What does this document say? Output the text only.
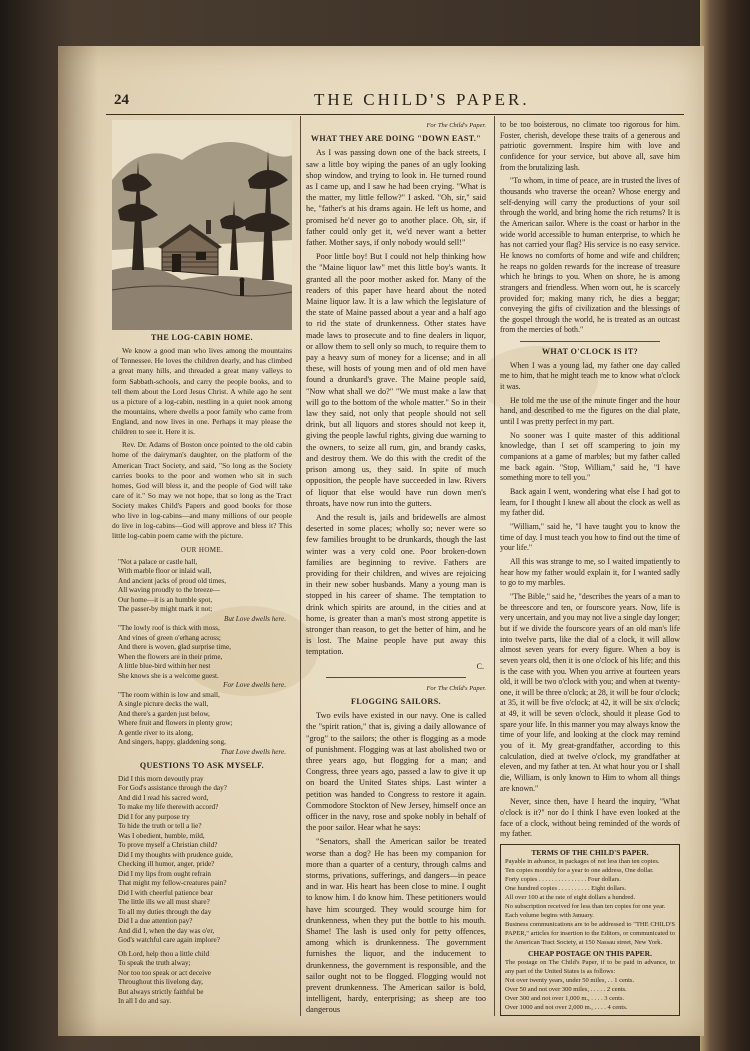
24	THE CHILD'S PAPER.
THE LOG-CABIN HOME.

We know a good man who lives among the mountains of Tennessee. He loves the children dearly, and has climbed a great many hills, and threaded a great many valleys to form Sabbath-schools, and carry the people books, and to tell them about the Lord Jesus Christ. A while ago he sent us a picture of a log-cabin, nestling in a quiet nook among the mountains, where dwells a poor family who came from England, and now lives in one. Perhaps it may please the children to see it. Here it is.

Rev. Dr. Adams of Boston once pointed to the old cabin home of the dairyman's daughter, on the platform of the American Tract Society, and said, "So long as the Society carries books to the poor and women who sit in such homes, God will bless it, and the people of God will take care of it." So may we not hope, that so long as the Tract Society makes Child's Papers and good books for those who live in log-cabins—and many millions of our people do live in log-cabins—God will approve and bless it? This little log-cabin poem came with the picture.

OUR HOME.
"Not a palace or castle hall,
With marble floor or inlaid wall,
And ancient jacks of proud old times,
All waving proudly to the breeze—
Our home—it is an humble spot,
The passer-by might mark it not;
But Love dwells here.
"The lowly roof is thick with moss,
And vines of green o'erhang across;
And there is woven, glad surprise time,
When the flowers are in their prime,
A little blue-bird within her nest
She knows she is a welcome guest.
For Love dwells here.
"The room within is low and small,
A single picture decks the wall,
And there's a garden just below,
Where fruit and flowers in plenty grow;
A gentle river to its along,
And singers, happy, gladdening song,
That Love dwells here.
QUESTIONS TO ASK MYSELF.
Did I this morn devoutly pray
For God's assistance through the day?
And did I read his sacred word,
To make my life therewith accord?
Did I for any purpose try
To hide the truth or tell a lie?
Was I obedient, humble, mild,
To prove myself a Christian child?
Did I my thoughts with prudence guide,
Checking ill humor, anger, pride?
Did I my lips from ought refrain
That might my fellow-creatures pain?
Did I with cheerful patience bear
The little ills we all must share?
To all my duties through the day
Did I a due attention pay?
And did I, when the day was o'er,
God's watchful care again implore?
Oh Lord, help thou a little child
To speak the truth alway;
Nor too too speak or act deceive
Throughout this livelong day,
But always strictly faithful be
In all I do and say.
For The Child's Paper.
WHAT THEY ARE DOING "DOWN EAST."

As I was passing down one of the back streets, I saw a little boy wiping the panes of an ugly looking shop window, and trying to look in. He turned round as I came up, and I saw he had been crying. "What is the matter, my little fellow?" I asked. "Oh, sir," said he, "father's at his drams again. He left us home, and promised he'd never go to another place. Oh, sir, if father could only get it, we'd never want a better father. Mother says, if only nobody would sell!"

Poor little boy! But I could not help thinking how the "Maine liquor law" met this little boy's wants. It granted all the poor mother asked for. Many of the readers of this paper have heard about the noted Maine liquor law. It is a law which the legislature of the state of Maine passed about a year and a half ago to rid the state of drunkenness. Other states have made laws to prosecute and to fine dealers in liquor, or allow them to sell only so much, to require them to pay a heavy sum of money for a license; and in all these, will hosts of young men and of old men have found a drunkard's grave. The Maine people said, "Now what shall we do?" "We must make a law that will go to the bottom of the whole matter." So in their law they said, not only that people should not sell drink, but all liquors and stores should not keep it, giving the people lawful rights, giving due warning to the owners, to seize all rum, gin, and brandy casks, and destroy them. We do this with the credit of the prison among us, they said. In spite of much opposition, the people have succeeded in law. Rivers of liquor that else would have run down men's throats, have now run into the gutters.

And the result is, jails and bridewells are almost deserted in some places; wholly so; never were so few families brought to be drunkards, though the last winter was a very cold one. Poor broken-down families are beginning to revive. Fathers are providing for their children, and wives are rejoicing in their new sober husbands. Many a young man is stopped in his career of shame. The temptation to drink which spirits are around, in the cities and at home, is greater than a man's most strong appetite is stronger than reason, to get the better of him, and he is lost. The Maine people have put away this temptation.

C.
For The Child's Paper.
FLOGGING SAILORS.

Two evils have existed in our navy. One is called the "spirit ration," that is, giving a daily allowance of "grog" to the sailors; the other is flogging as a mode of punishment. Flogging was at last abolished two or three years ago, but flogging for a man; and Congress, three years ago, passed a law to give it up on board the United States ships. Last winter a petition was handed to Congress to restore it again. Commodore Stockton of New Jersey, himself once an officer in the navy, rose and spoke nobly in behalf of the poor sailor. Hear what he says:

"Senators, shall the American sailor be treated worse than a dog? He has been my companion for more than a quarter of a century, through calms and storms, privations, sufferings, and dangers—in peace and in war. His heart has been close to mine. I ought to know him. I do know him. These petitioners would have him scourged. They would scourge him for drunkenness, when they put the bottle to his mouth. Shame! The lash is used only for petty offences, among which is drunkenness. The government furnishes the liquor, and the inducement to drunkenness, the government is responsible, and the sailor ought not to be flogged. Flogging would not prevent drunkenness. The American sailor is bold, intelligent, hardy, enterprising; as sheep are too dangerous

to be too boisterous, no climate too rigorous for him. Foster, cherish, develope these traits of a generous and patriotic government. Inspire him with love and confidence for your service, but above all, save him from the brutalizing lash.

"To whom, in time of peace, are in trusted the lives of thousands who traverse the ocean? Whose energy and self-denying will carry the productions of your soil through the world, and bring home the rich returns? It is the American sailor. Where is the coast or harbor in the wide world accessible to human enterprise, to which he has not carried your flag? His service is no easy service. He knows no comforts of home and wife and children; he reaps no golden rewards for the increase of treasure which he brings to you. When on shore, he is among strangers and friendless. When worn out, he is scarcely provided for; making many rich, he dies a beggar; conveying the gifts of civilization and the blessings of the gospel through the world, he is treated as an outcast from the mercies of both."

WHAT O'CLOCK IS IT?

When I was a young lad, my father one day called me to him, that he might teach me to know what o'clock it was.

He told me the use of the minute finger and the hour hand, and described to me the figures on the dial plate, until I was pretty perfect in my part.

No sooner was I quite master of this additional knowledge, than I set off scampering to join my companions at a game of marbles; but my father called me back again. "Stop, William," said he, "I have something more to tell you."

Back again I went, wondering what else I had got to learn, for I thought I knew all about the clock as well as my father did.

"William," said he, "I have taught you to know the time of day. I must teach you how to find out the time of your life."

All this was strange to me, so I waited impatiently to hear how my father would explain it, for I wanted sadly to go to my marbles.

"The Bible," said he, "describes the years of a man to be threescore and ten, or fourscore years. Now, life is very uncertain, and you may not live a single day longer; but if we divide the fourscore years of an old man's life into twelve parts, like the dial of a clock, it will allow almost seven years for every figure. When a boy is seven years old, then it is one o'clock of his life; and this is the case with you. When you arrive at fourteen years old, it will be two o'clock with you; and when at twenty-one, it will be three o'clock; at 28, it will be four o'clock; at 35, it will be five o'clock; at 42, it will be six o'clock; at 49, it will be seven o'clock, should it please God to spare your life. In this manner you may always know the time of your life, and looking at the clock may remind you of it. My great-grandfather, according to this calculation, died at twelve o'clock, my grandfather at eleven, and my father at ten. At what hour you or I shall die, William, is only known to Him to whom all things are known."

Never, since then, have I heard the inquiry, "What o'clock is it?" nor do I think I have even looked at the face of a clock, without being reminded of the words of my father.

TERMS OF THE CHILD'S PAPER.
Payable in advance, in packages of not less than ten copies.
Ten copies monthly for a year to one address, One dollar.
Forty copies . . . . . . . . . . . . . . . Four dollars.
One hundred copies . . . . . . . . . . Eight dollars.
All over 100 at the rate of eight dollars a hundred.
No subscription received for less than ten copies for one year.
Each volume begins with January.
Business communications are to be addressed to "THE CHILD'S PAPER," articles for insertion to the Editors, or communicated to the American Tract Society, at 150 Nassau street, New York.
CHEAP POSTAGE ON THIS PAPER.
The postage on The Child's Paper, if to be paid in advance, to any part of the United States is as follows:
Not over twenty years, under 50 miles, . . 1 cents.
Over 50 and not over 300 miles, . . . . . 2 cents.
Over 300 and not over 1,000 m., . . . . 3 cents.
Over 1000 and not over 2,000 m., . . . . 4 cents.
